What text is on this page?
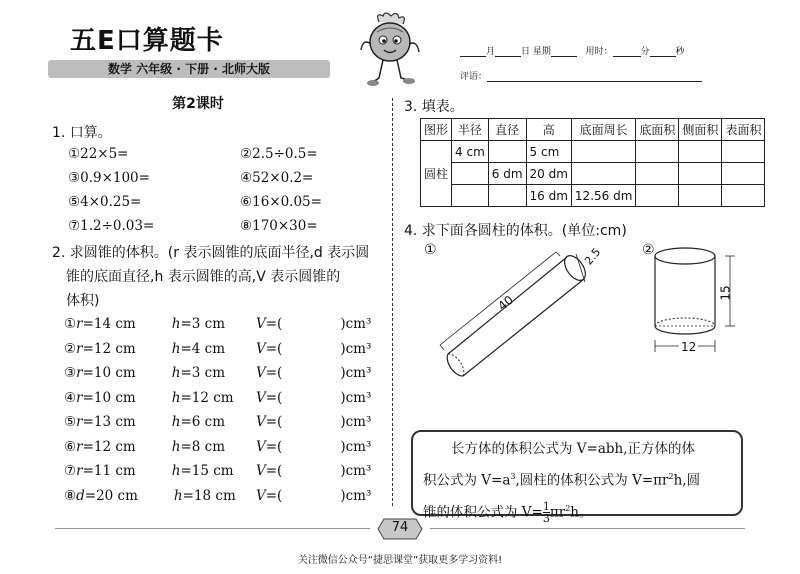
五E口算题卡
数学 六年级 · 下册 · 北师大版
月	日 星期	用时：	分	秒
评语：
第2课时
1. 口算。
①22×5=	②2.5÷0.5=
③0.9×100=	④52×0.2=
⑤4×0.25=	⑥16×0.05=
⑦1.2÷0.03=	⑧170×30=
2. 求圆锥的体积。(r 表示圆锥的底面半径,d 表示圆
锥的底面直径,h 表示圆锥的高,V 表示圆锥的
体积)
①r=14 cm	h=3 cm V=(	)cm³
②r=12 cm	h=4 cm V=(	)cm³
③r=10 cm	h=3 cm V=(	)cm³
④r=10 cm	h=12 cm V=(	)cm³
⑤r=13 cm	h=6 cm V=(	)cm³
⑥r=12 cm	h=8 cm V=(	)cm³
⑦r=11 cm	h=15 cm V=(	)cm³
⑧d=20 cm	h=18 cm V=(	)cm³
3. 填表。
图形	半径	直径	高	底面周长	底面积	侧面积	表面积
圆柱	4 cm		5 cm				
		6 dm	20 dm				
			16 dm	12.56 dm			
4. 求下面各圆柱的体积。(单位:cm)
①
40
2.5	②
15
12
长方体的体积公式为 V=abh,正方体的体
积公式为 $V=a^3$,圆柱的体积公式为 $V=\pi r^2h$,圆
锥的体积公式为 $V= \frac{1}{3} \pi r^2h$。
74
关注微信公众号“捷思课堂”获取更多学习资料!
